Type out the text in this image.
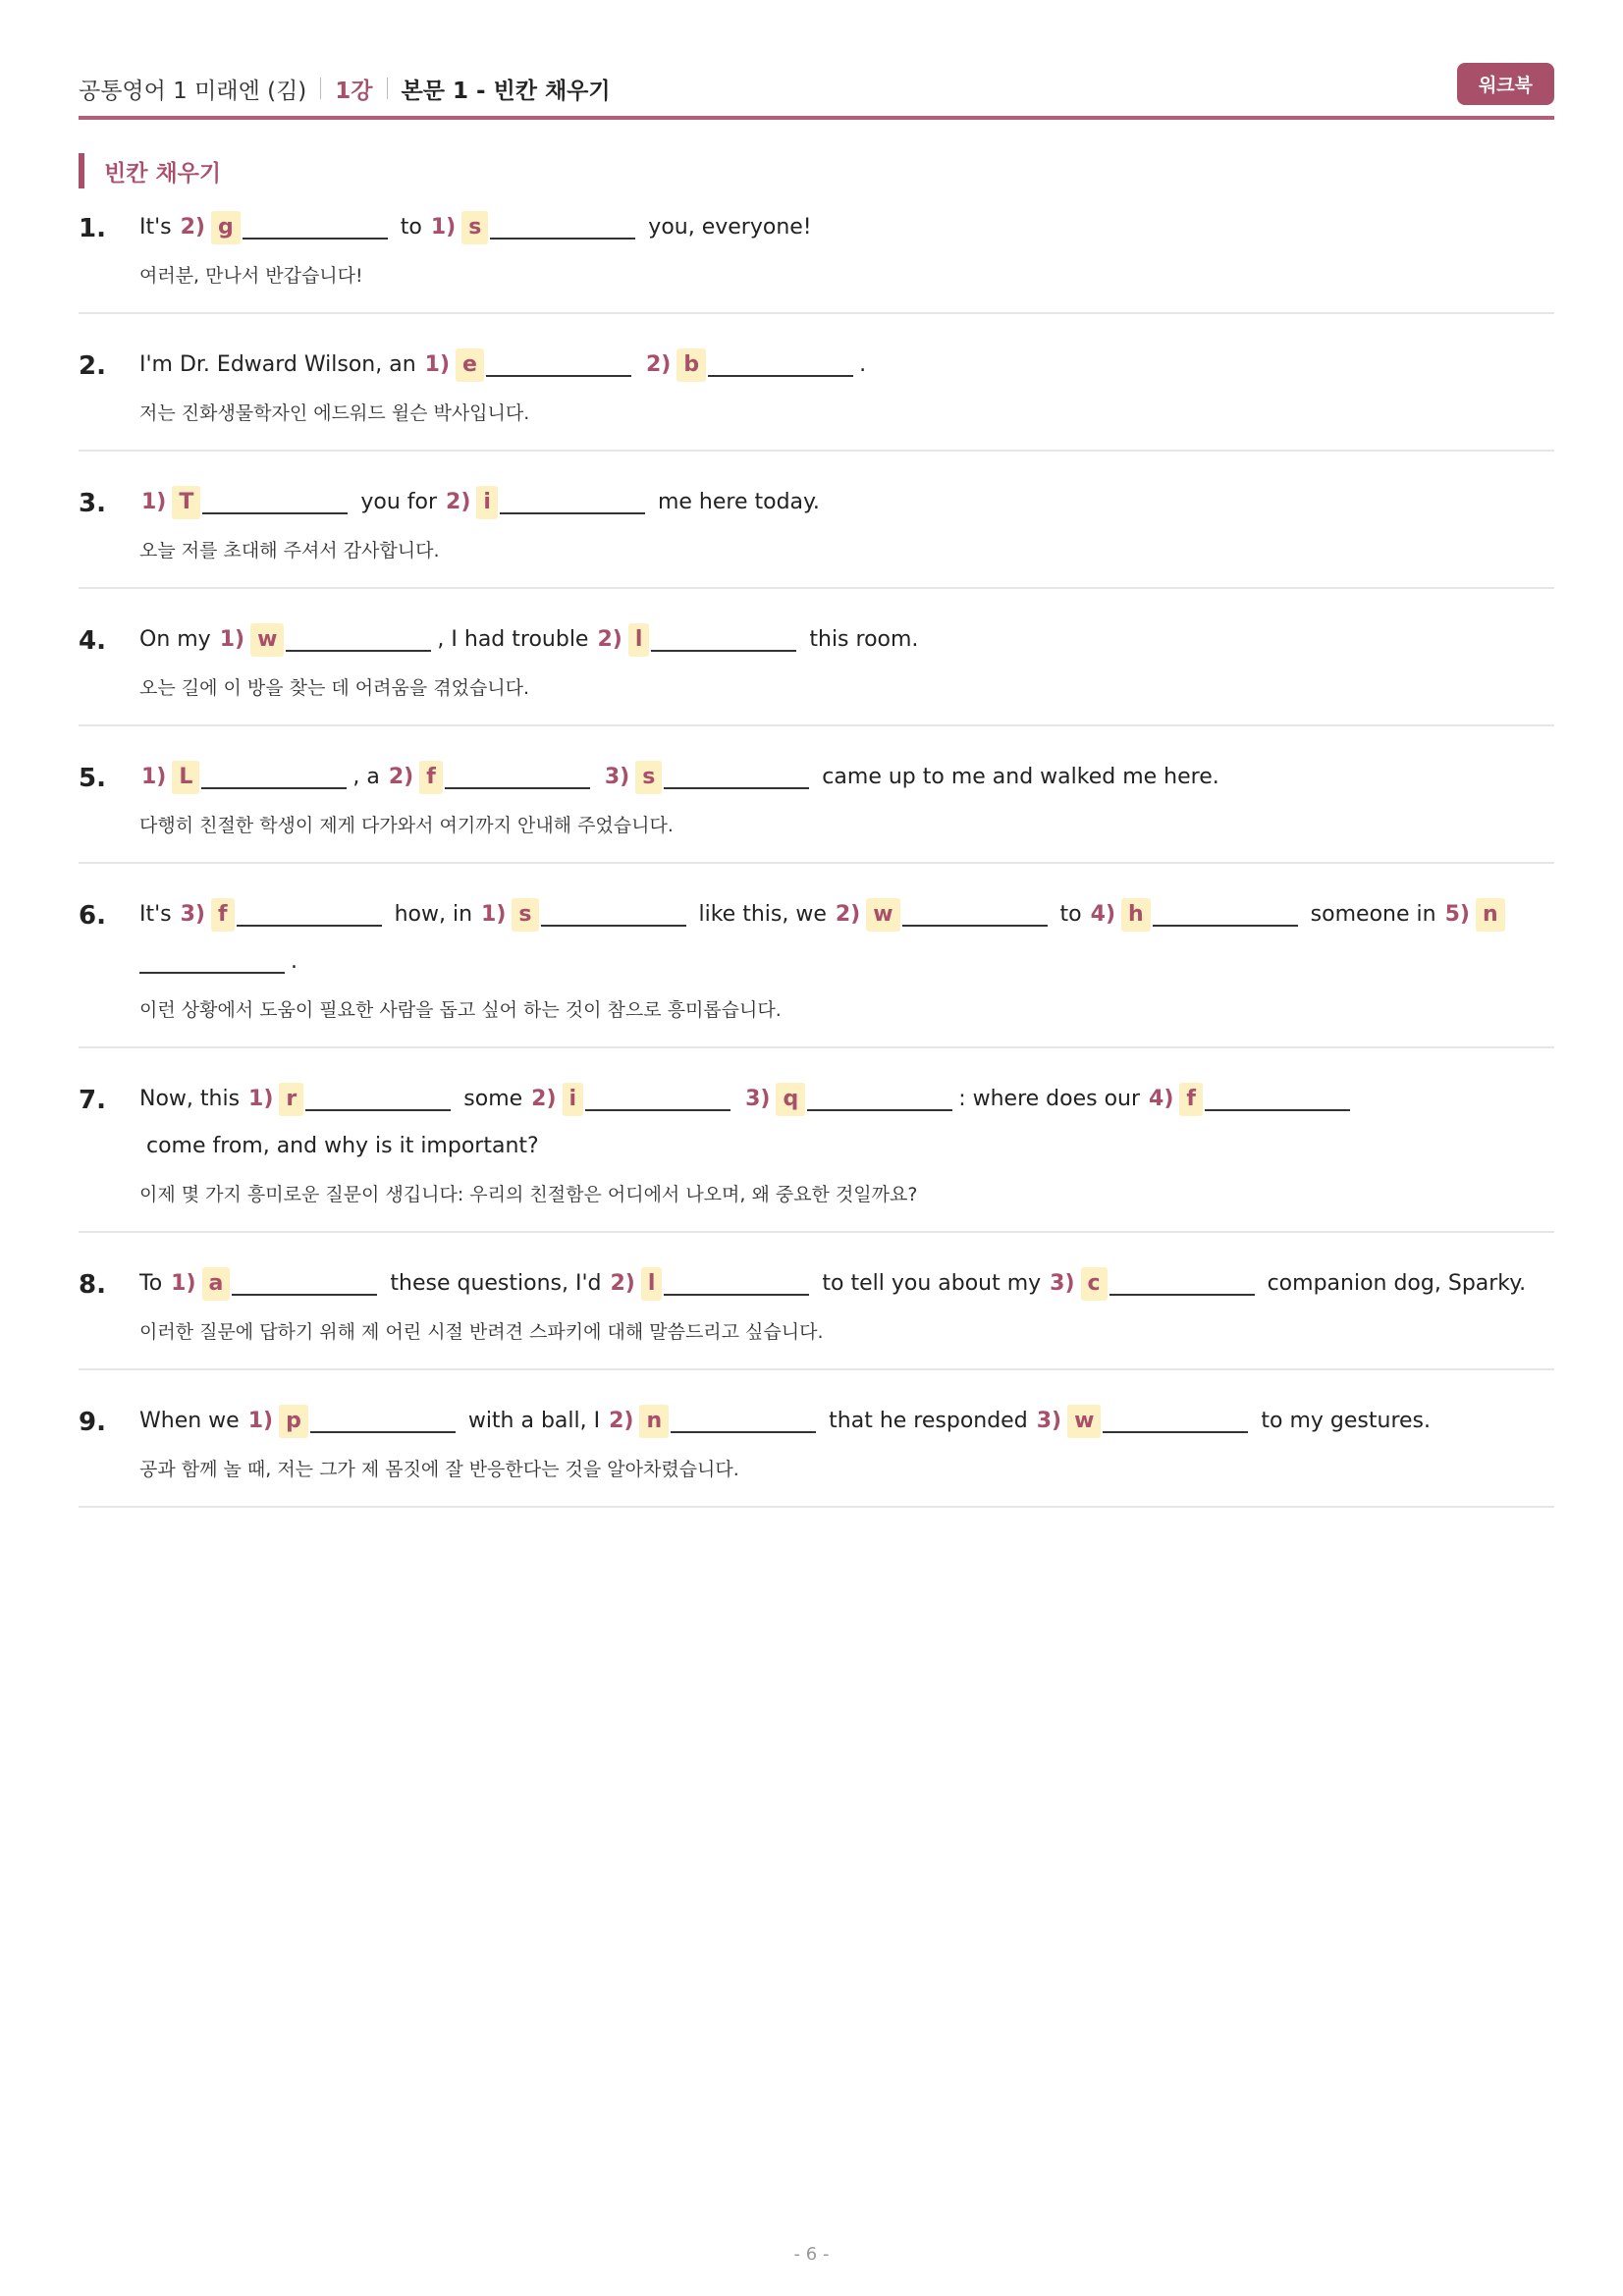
공통영어 1 미래엔 (김) 1강 본문 1 - 빈칸 채우기	워크북
빈칸 채우기
1. It's 2) g	to 1) s	you, everyone!
여러분, 만나서 반갑습니다!
2. I'm Dr. Edward Wilson, an 1) e	2) b	.
저는 진화생물학자인 에드워드 윌슨 박사입니다.
3. 1) T	you for 2) i	me here today.
오늘 저를 초대해 주셔서 감사합니다.
4. On my 1) w	, I had trouble 2) l	this room.
오는 길에 이 방을 찾는 데 어려움을 겪었습니다.
5. 1) L	, a 2) f	3) s	came up to me and walked me here.
다행히 친절한 학생이 제게 다가와서 여기까지 안내해 주었습니다.
6. It's 3) f	how, in 1) s	like this, we 2) w	to 4) h	someone in 5) n.
이런 상황에서 도움이 필요한 사람을 돕고 싶어 하는 것이 참으로 흥미롭습니다.
7. Now, this 1) r	some 2) i	3) q	: where does our 4) f come from, and why is it important?
이제 몇 가지 흥미로운 질문이 생깁니다: 우리의 친절함은 어디에서 나오며, 왜 중요한 것일까요?
8. To 1) a	these questions, I'd 2) l	to tell you about my 3) c	companion dog, Sparky.
이러한 질문에 답하기 위해 제 어린 시절 반려견 스파키에 대해 말씀드리고 싶습니다.
9. When we 1) p	with a ball, I 2) n	that he responded 3) w	to my gestures.
공과 함께 놀 때, 저는 그가 제 몸짓에 잘 반응한다는 것을 알아차렸습니다.
- 6 -
